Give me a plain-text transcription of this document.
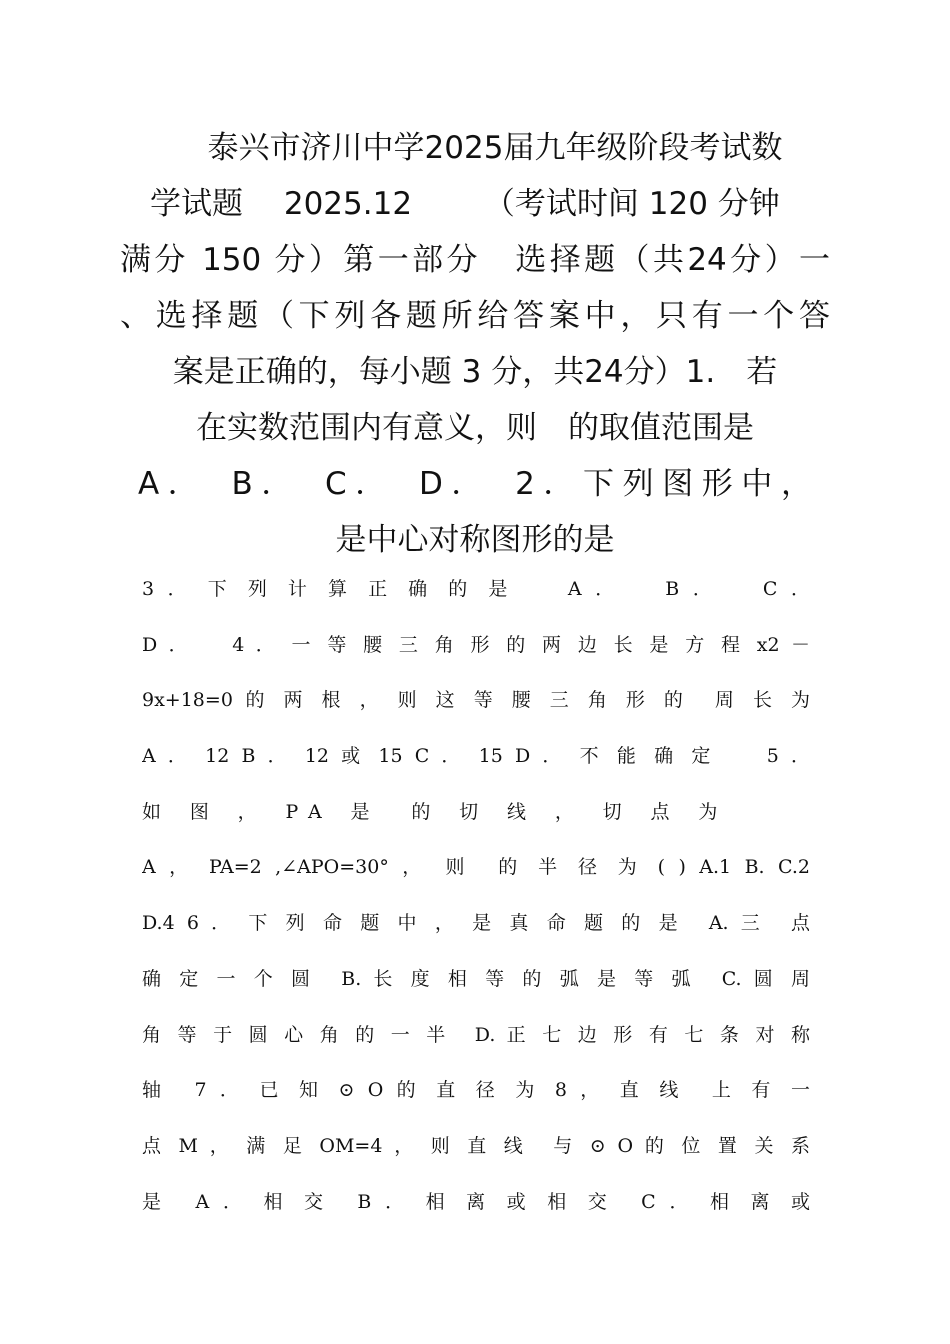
泰兴市济川中学2025届九年级阶段考试数
学试题　 2025.12　　 （考试时间 120 分钟
满分 150 分）第一部分　选择题（共24分）一
、选择题（下列各题所给答案中，只有一个答
案是正确的，每小题 3 分，共24分）1.　若
在实数范围内有意义，则　的取值范围是
A．　B．　C．　D．　2．下列图形中，
是中心对称图形的是
3 ． 下 列 计 算 正 确 的 是　　A ．　　B ．　　C ．
D ．　　4 ． 一 等 腰 三 角 形 的 两 边 长 是 方 程 x2 －
9x+18=0 的 两 根 ， 则 这 等 腰 三 角 形 的　周 长 为
A ． 12 B ． 12 或 15 C ． 15 D ． 不 能 确 定　　5 ．
如 图 ， PA 是　的 切 线 ， 切 点 为
A ， PA=2 ,∠APO=30° ，　则　的 半 径 为 ( ) A.1 B. C.2
D.4 6 ． 下 列 命 题 中 ， 是 真 命 题 的 是　A. 三　点
确 定 一 个 圆　B. 长 度 相 等 的 弧 是 等 弧　C. 圆 周
角 等 于 圆 心 角 的 一 半　D. 正 七 边 形 有 七 条 对 称
轴　7 ． 已 知 ⊙ O 的 直 径 为 8 ， 直 线　上 有 一
点 M ， 满 足 OM=4 ， 则 直 线　与 ⊙ O 的 位 置 关 系
是　A ． 相 交　B ． 相 离 或 相 交　C ． 相 离 或
